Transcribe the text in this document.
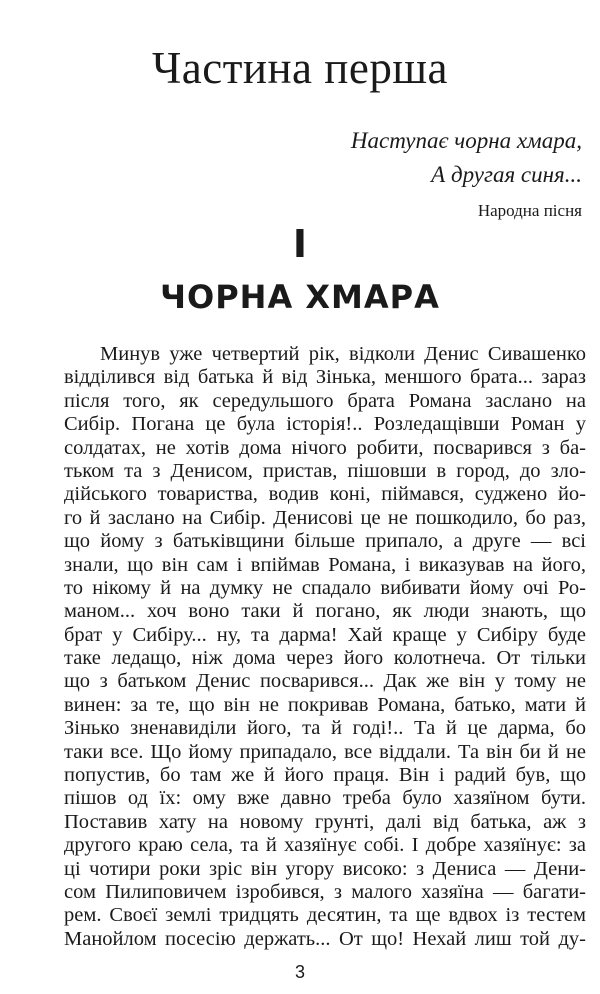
Частина перша
Наступає чорна хмара,
А другая синя...
Народна пісня
I
ЧОРНА ХМАРА
Минув уже четвертий рік, відколи Денис Сивашенко
відділився від батька й від Зінька, меншого брата... зараз
після того, як середульшого брата Романа заслано на
Сибір. Погана це була історія!.. Розледащівши Роман у
солдатах, не хотів дома нічого робити, посварився з ба-
тьком та з Денисом, пристав, пішовши в город, до зло-
дійського товариства, водив коні, піймався, суджено йо-
го й заслано на Сибір. Денисові це не пошкодило, бо раз,
що йому з батьківщини більше припало, а друге — всі
знали, що він сам і впіймав Романа, і виказував на його,
то нікому й на думку не спадало вибивати йому очі Ро-
маном... хоч воно таки й погано, як люди знають, що
брат у Сибіру... ну, та дарма! Хай краще у Сибіру буде
таке ледащо, ніж дома через його колотнеча. От тільки
що з батьком Денис посварився... Дак же він у тому не
винен: за те, що він не покривав Романа, батько, мати й
Зінько зненавиділи його, та й годі!.. Та й це дарма, бо
таки все. Що йому припадало, все віддали. Та він би й не
попустив, бо там же й його праця. Він і радий був, що
пішов од їх: ому вже давно треба було хазяїном бути.
Поставив хату на новому грунті, далі від батька, аж з
другого краю села, та й хазяїнує собі. І добре хазяїнує: за
ці чотири роки зріс він угору високо: з Дениса — Дени-
сом Пилиповичем ізробився, з малого хазяїна — багати-
рем. Своєї землі тридцять десятин, та ще вдвох із тестем
Манойлом посесію держать... От що! Нехай лиш той ду-
3
